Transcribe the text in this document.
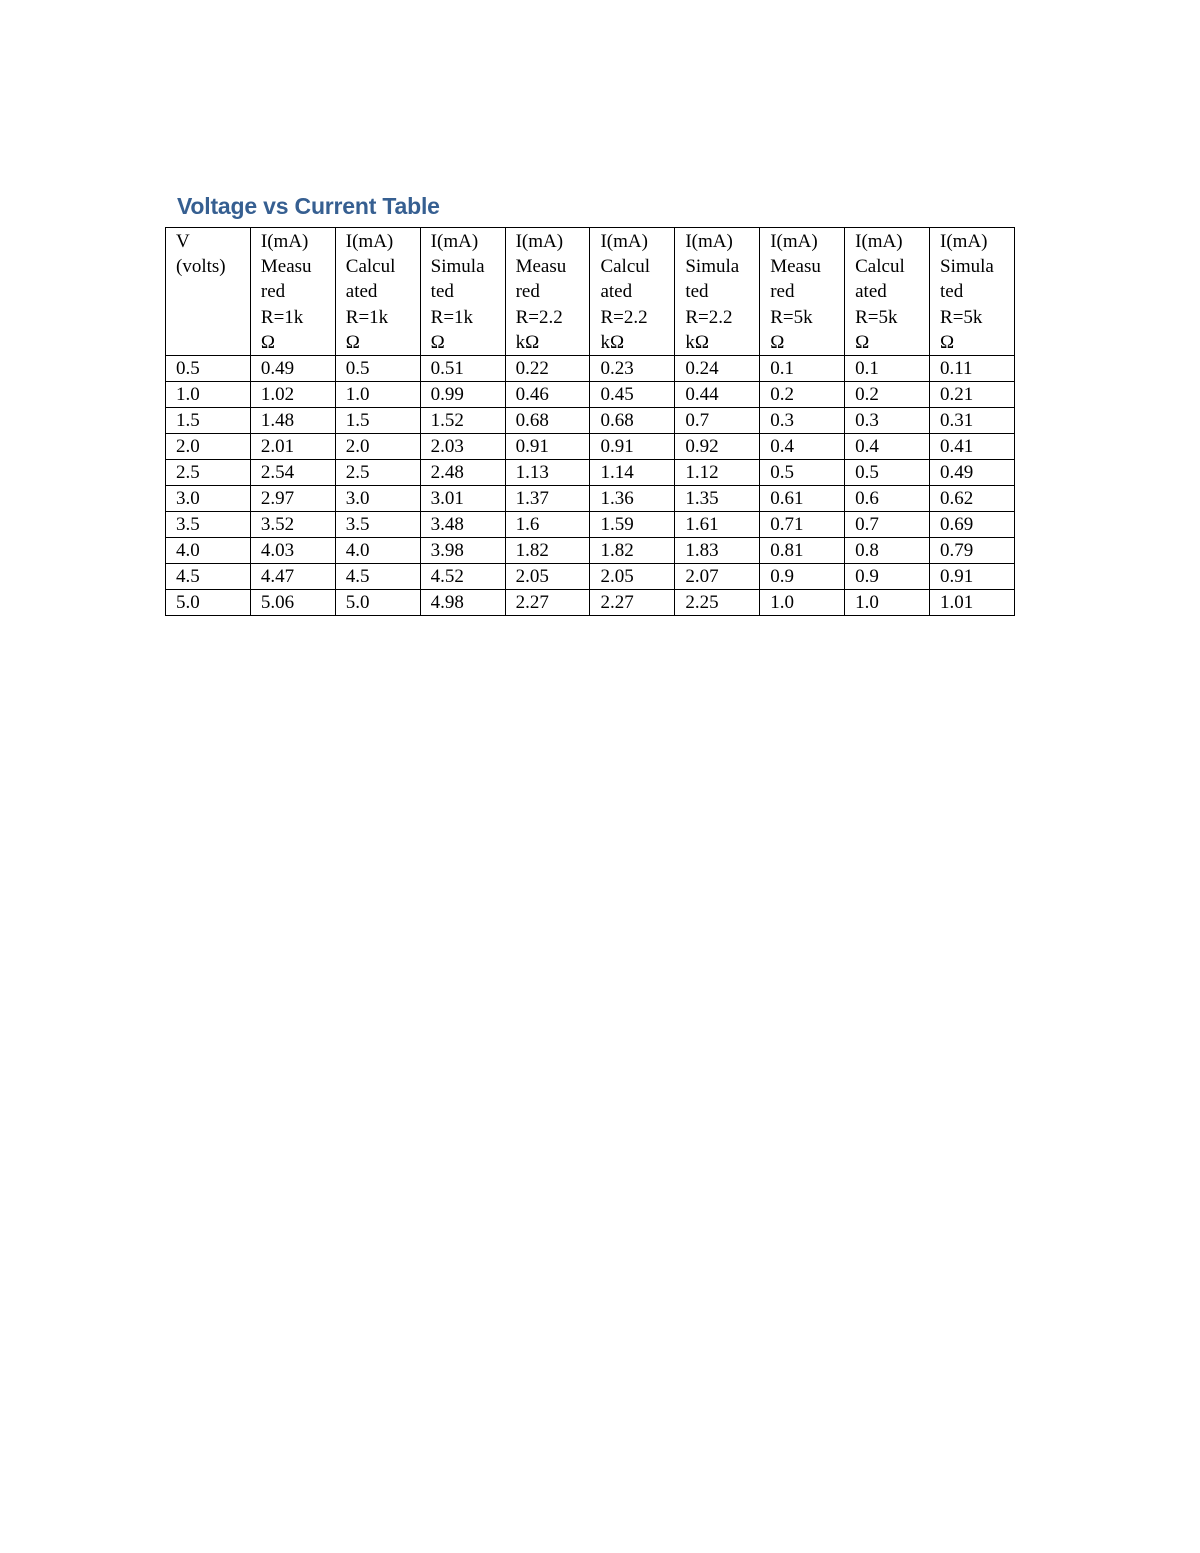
Voltage vs Current Table
V
(volts)	I(mA)
Measu
red
R=1k
Ω	I(mA)
Calcul
ated
R=1k
Ω	I(mA)
Simula
ted
R=1k
Ω	I(mA)
Measu
red
R=2.2
kΩ	I(mA)
Calcul
ated
R=2.2
kΩ	I(mA)
Simula
ted
R=2.2
kΩ	I(mA)
Measu
red
R=5k
Ω	I(mA)
Calcul
ated
R=5k
Ω	I(mA)
Simula
ted
R=5k
Ω

0.5	0.49	0.5	0.51	0.22	0.23	0.24	0.1	0.1	0.11
1.0	1.02	1.0	0.99	0.46	0.45	0.44	0.2	0.2	0.21
1.5	1.48	1.5	1.52	0.68	0.68	0.7	0.3	0.3	0.31
2.0	2.01	2.0	2.03	0.91	0.91	0.92	0.4	0.4	0.41
2.5	2.54	2.5	2.48	1.13	1.14	1.12	0.5	0.5	0.49
3.0	2.97	3.0	3.01	1.37	1.36	1.35	0.61	0.6	0.62
3.5	3.52	3.5	3.48	1.6	1.59	1.61	0.71	0.7	0.69
4.0	4.03	4.0	3.98	1.82	1.82	1.83	0.81	0.8	0.79
4.5	4.47	4.5	4.52	2.05	2.05	2.07	0.9	0.9	0.91
5.0	5.06	5.0	4.98	2.27	2.27	2.25	1.0	1.0	1.01
